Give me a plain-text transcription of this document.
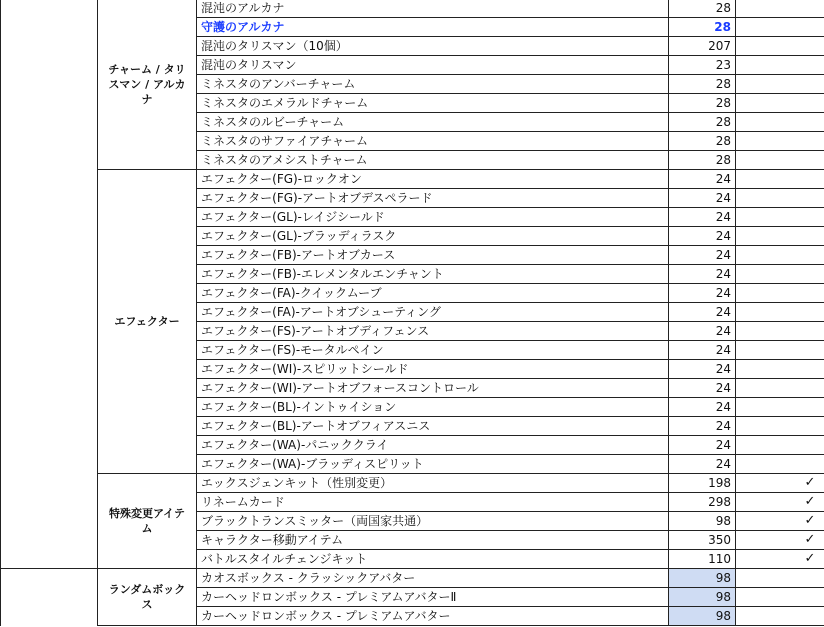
	チャーム / タリスマン / アルカナ	混沌のアルカナ	28	
		守護のアルカナ	28	
		混沌のタリスマン（10個）	207	
		混沌のタリスマン	23	
		ミネスタのアンバーチャーム	28	
		ミネスタのエメラルドチャーム	28	
		ミネスタのルビーチャーム	28	
		ミネスタのサファイアチャーム	28	
		ミネスタのアメシストチャーム	28	
	エフェクター	エフェクター(FG)-ロックオン	24	
		エフェクター(FG)-アートオブデスペラード	24	
		エフェクター(GL)-レイジシールド	24	
		エフェクター(GL)-ブラッディラスク	24	
		エフェクター(FB)-アートオブカース	24	
		エフェクター(FB)-エレメンタルエンチャント	24	
		エフェクター(FA)-クイックムーブ	24	
		エフェクター(FA)-アートオブシューティング	24	
		エフェクター(FS)-アートオブディフェンス	24	
		エフェクター(FS)-モータルペイン	24	
		エフェクター(WI)-スピリットシールド	24	
		エフェクター(WI)-アートオブフォースコントロール	24	
		エフェクター(BL)-イントゥイション	24	
		エフェクター(BL)-アートオブフィアスニス	24	
		エフェクター(WA)-パニッククライ	24	
		エフェクター(WA)-ブラッディスピリット	24	
	特殊変更アイテム	エックスジェンキット（性別変更）	198	✓
		リネームカード	298	✓
		ブラックトランスミッター（両国家共通）	98	✓
		キャラクター移動アイテム	350	✓
		バトルスタイルチェンジキット	110	✓
	ランダムボックス	カオスボックス - クラッシックアバター	98	
		カーヘッドロンボックス - プレミアムアバターⅡ	98	
		カーヘッドロンボックス - プレミアムアバター	98	
